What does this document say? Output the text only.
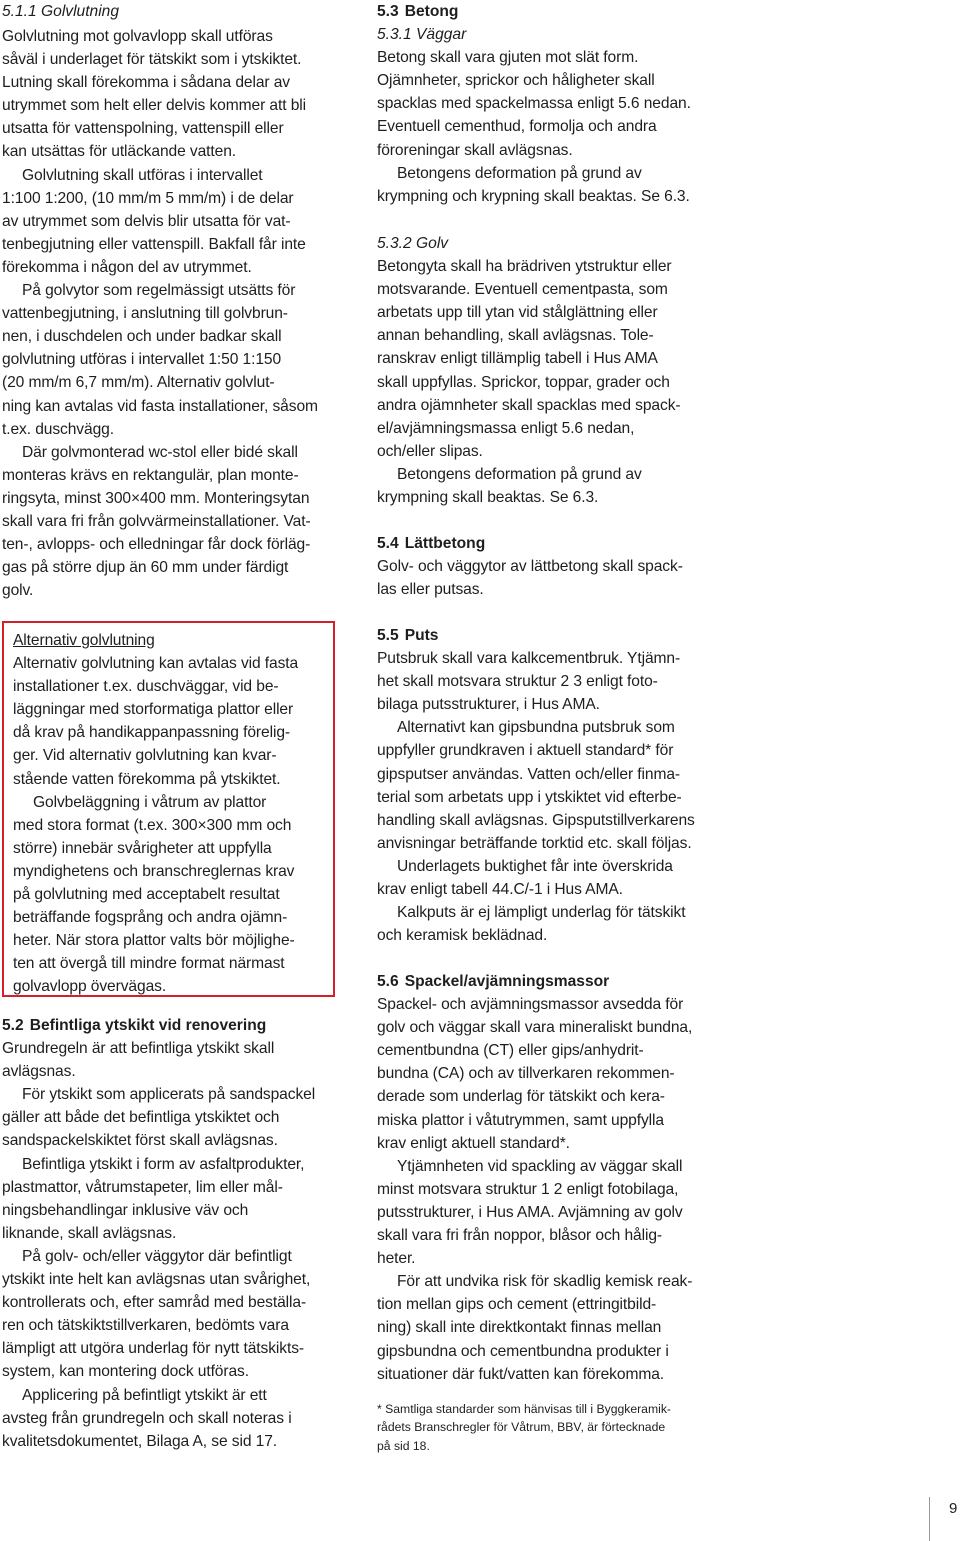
5.1.1 Golvlutning

Golvlutning mot golvavlopp skall utföras

såväl i underlaget för tätskikt som i ytskiktet.

Lutning skall förekomma i sådana delar av

utrymmet som helt eller delvis kommer att bli

utsatta för vattenspolning, vattenspill eller

kan utsättas för utläckande vatten.

Golvlutning skall utföras i intervallet

1:100 1:200, (10 mm/m 5 mm/m) i de delar

av utrymmet som delvis blir utsatta för vat-

tenbegjutning eller vattenspill. Bakfall får inte

förekomma i någon del av utrymmet.

På golvytor som regelmässigt utsätts för

vattenbegjutning, i anslutning till golvbrun-

nen, i duschdelen och under badkar skall

golvlutning utföras i intervallet 1:50 1:150

(20 mm/m 6,7 mm/m). Alternativ golvlut-

ning kan avtalas vid fasta installationer, såsom

t.ex. duschvägg.

Där golvmonterad wc-stol eller bidé skall

monteras krävs en rektangulär, plan monte-

ringsyta, minst 300×400 mm. Monteringsytan

skall vara fri från golvvärmeinstallationer. Vat-

ten-, avlopps- och elledningar får dock förläg-

gas på större djup än 60 mm under färdigt

golv.

5.2 Befintliga ytskikt vid renovering

Grundregeln är att befintliga ytskikt skall

avlägsnas.

För ytskikt som applicerats på sandspackel

gäller att både det befintliga ytskiktet och

sandspackelskiktet först skall avlägsnas.

Befintliga ytskikt i form av asfaltprodukter,

plastmattor, våtrumstapeter, lim eller mål-

ningsbehandlingar inklusive väv och

liknande, skall avlägsnas.

På golv- och/eller väggytor där befintligt

ytskikt inte helt kan avlägsnas utan svårighet,

kontrollerats och, efter samråd med beställa-

ren och tätskiktstillverkaren, bedömts vara

lämpligt att utgöra underlag för nytt tätskikts-

system, kan montering dock utföras.

Applicering på befintligt ytskikt är ett

avsteg från grundregeln och skall noteras i

kvalitetsdokumentet, Bilaga A, se sid 17.

Alternativ golvlutning

Alternativ golvlutning kan avtalas vid fasta

installationer t.ex. duschväggar, vid be-

läggningar med storformatiga plattor eller

då krav på handikappanpassning förelig-

ger. Vid alternativ golvlutning kan kvar-

stående vatten förekomma på ytskiktet.

Golvbeläggning i våtrum av plattor

med stora format (t.ex. 300×300 mm och

större) innebär svårigheter att uppfylla

myndighetens och branschreglernas krav

på golvlutning med acceptabelt resultat

beträffande fogsprång och andra ojämn-

heter. När stora plattor valts bör möjlighe-

ten att övergå till mindre format närmast

golvavlopp övervägas.

5.3 Betong
5.3.1 Väggar

Betong skall vara gjuten mot slät form.

Ojämnheter, sprickor och håligheter skall

spacklas med spackelmassa enligt 5.6 nedan.

Eventuell cementhud, formolja och andra

föroreningar skall avlägsnas.

Betongens deformation på grund av

krympning och krypning skall beaktas. Se 6.3.

5.3.2 Golv

Betongyta skall ha brädriven ytstruktur eller

motsvarande. Eventuell cementpasta, som

arbetats upp till ytan vid stålglättning eller

annan behandling, skall avlägsnas. Tole-

ranskrav enligt tillämplig tabell i Hus AMA

skall uppfyllas. Sprickor, toppar, grader och

andra ojämnheter skall spacklas med spack-

el/avjämningsmassa enligt 5.6 nedan,

och/eller slipas.

Betongens deformation på grund av

krympning skall beaktas. Se 6.3.

5.4 Lättbetong

Golv- och väggytor av lättbetong skall spack-

las eller putsas.

5.5 Puts

Putsbruk skall vara kalkcementbruk. Ytjämn-

het skall motsvara struktur 2 3 enligt foto-

bilaga putsstrukturer, i Hus AMA.

Alternativt kan gipsbundna putsbruk som

uppfyller grundkraven i aktuell standard* för

gipsputser användas. Vatten och/eller finma-

terial som arbetats upp i ytskiktet vid efterbe-

handling skall avlägsnas. Gipsputstillverkarens

anvisningar beträffande torktid etc. skall följas.

Underlagets buktighet får inte överskrida

krav enligt tabell 44.C/-1 i Hus AMA.

Kalkputs är ej lämpligt underlag för tätskikt

och keramisk beklädnad.

5.6 Spackel/avjämningsmassor

Spackel- och avjämningsmassor avsedda för

golv och väggar skall vara mineraliskt bundna,

cementbundna (CT) eller gips/anhydrit-

bundna (CA) och av tillverkaren rekommen-

derade som underlag för tätskikt och kera-

miska plattor i våtutrymmen, samt uppfylla

krav enligt aktuell standard*.

Ytjämnheten vid spackling av väggar skall

minst motsvara struktur 1 2 enligt fotobilaga,

putsstrukturer, i Hus AMA. Avjämning av golv

skall vara fri från noppor, blåsor och hålig-

heter.

För att undvika risk för skadlig kemisk reak-

tion mellan gips och cement (ettringitbild-

ning) skall inte direktkontakt finnas mellan

gipsbundna och cementbundna produkter i

situationer där fukt/vatten kan förekomma.

* Samtliga standarder som hänvisas till i Byggkeramik-

rådets Branschregler för Våtrum, BBV, är förtecknade

på sid 18.

9
